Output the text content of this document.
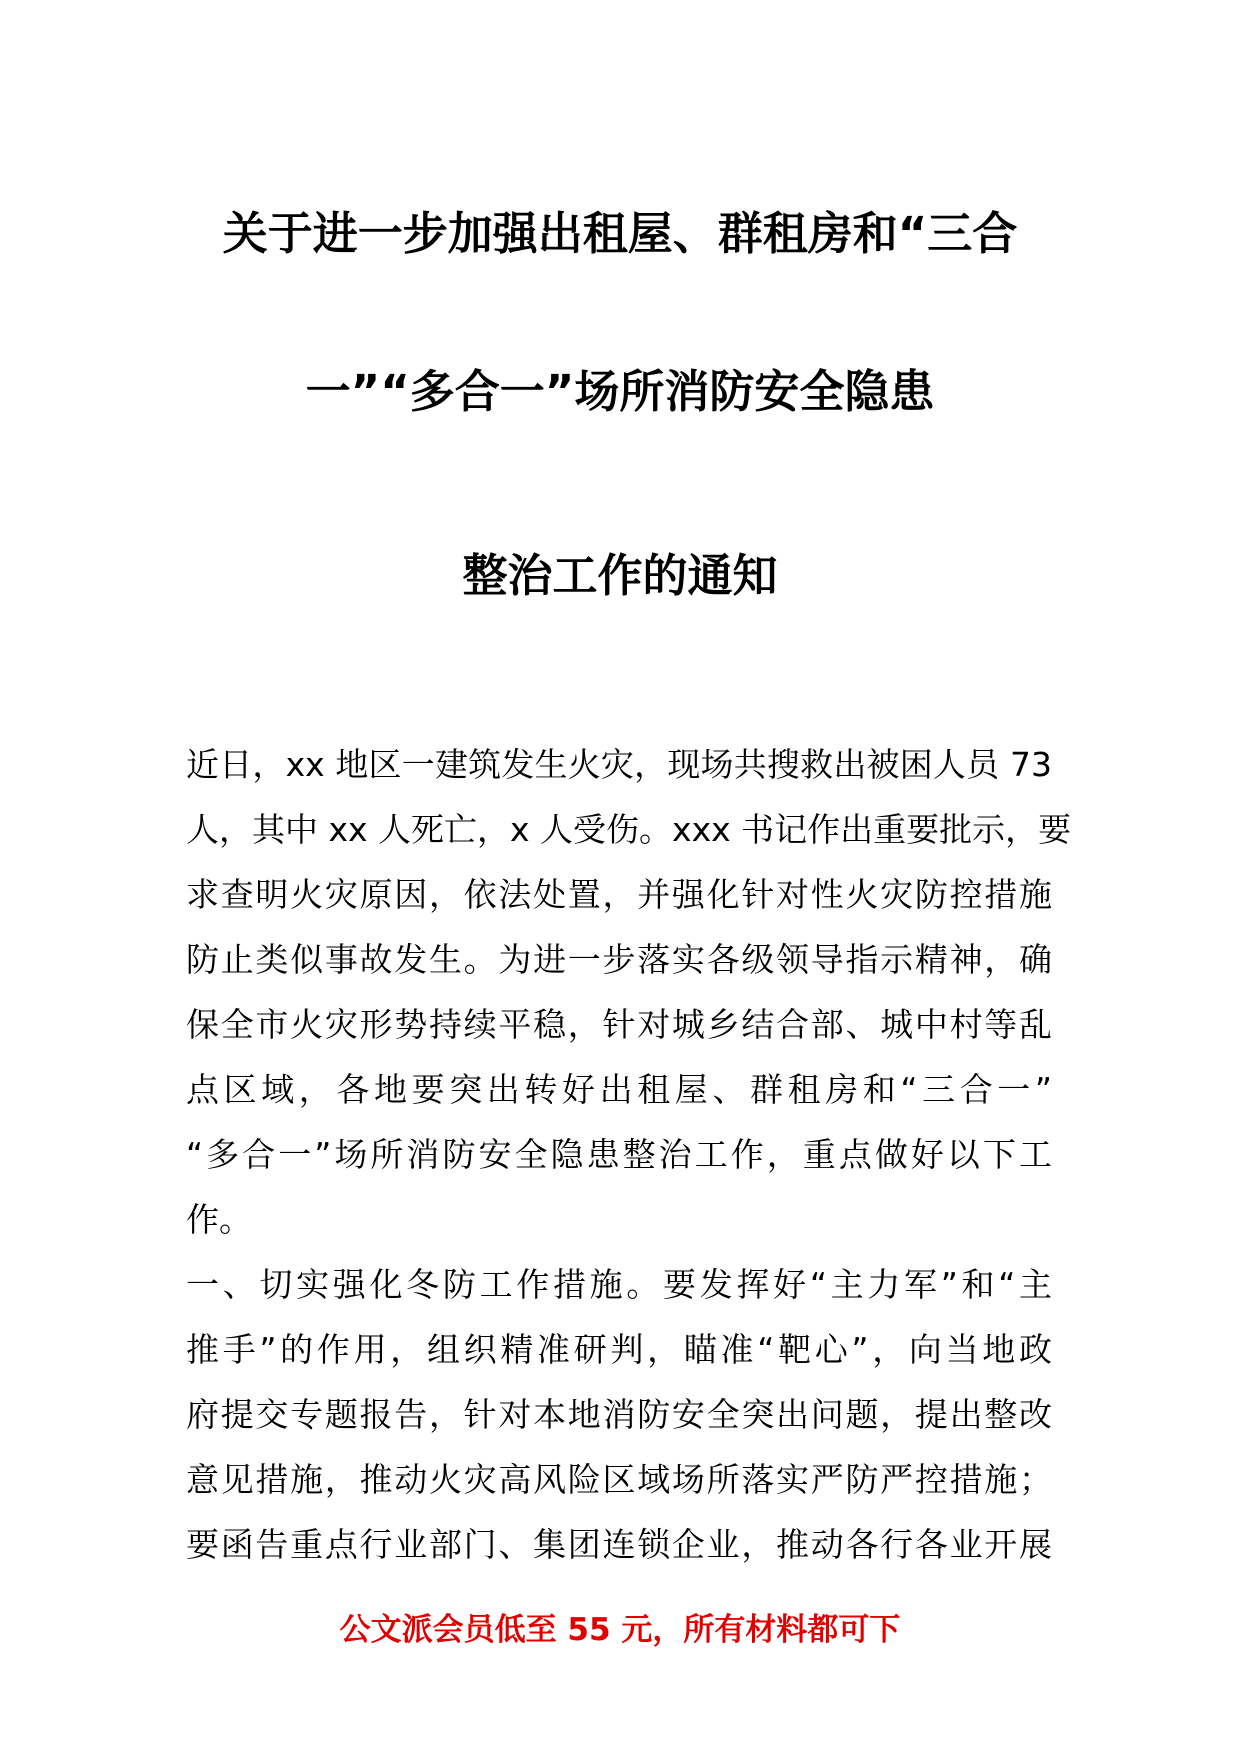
关于进一步加强出租屋、群租房和“三合
一”“多合一”场所消防安全隐患
整治工作的通知
近日，xx 地区一建筑发生火灾，现场共搜救出被困人员 73
人，其中 xx 人死亡，x 人受伤。xxx 书记作出重要批示，要
求查明火灾原因，依法处置，并强化针对性火灾防控措施
防止类似事故发生。为进一步落实各级领导指示精神，确
保全市火灾形势持续平稳，针对城乡结合部、城中村等乱
点区域，各地要突出转好出租屋、群租房和“三合一”
“多合一”场所消防安全隐患整治工作，重点做好以下工
作。
一、切实强化冬防工作措施。要发挥好“主力军”和“主
推手”的作用，组织精准研判，瞄准“靶心”，向当地政
府提交专题报告，针对本地消防安全突出问题，提出整改
意见措施，推动火灾高风险区域场所落实严防严控措施；
要函告重点行业部门、集团连锁企业，推动各行各业开展
公文派会员低至 55 元，所有材料都可下
